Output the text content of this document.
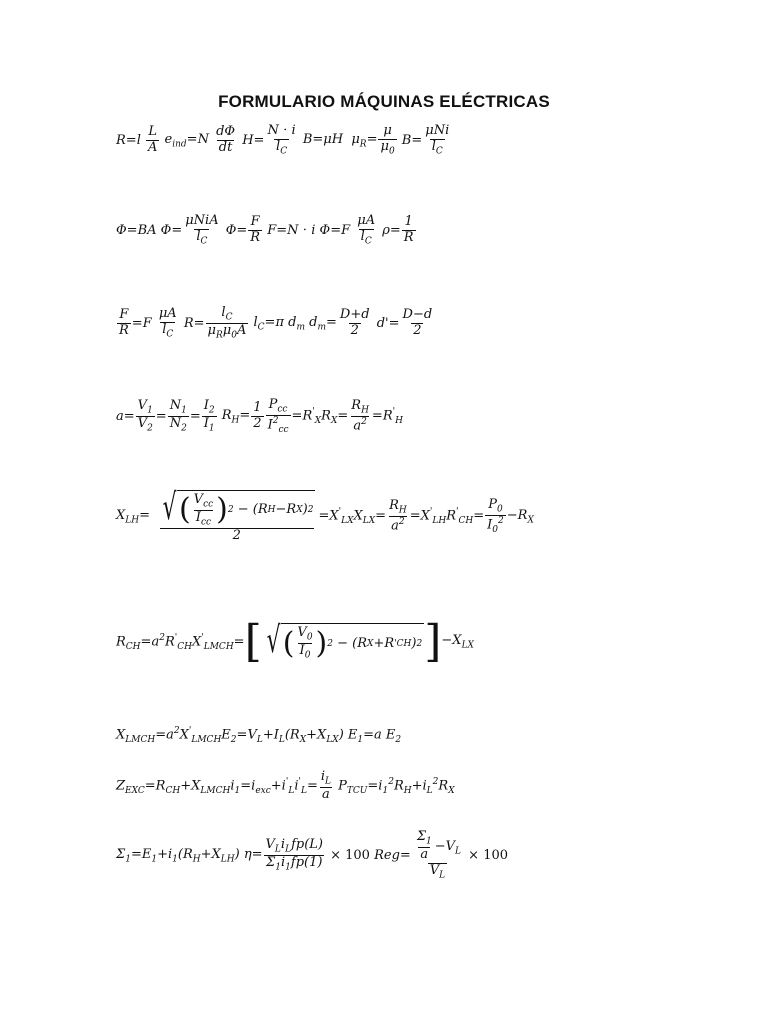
FORMULARIO MÁQUINAS ELÉCTRICAS
R=l
L
A
$e_{ind}=N$
dΦ
dt $H= \frac{N \cdot i}{l_C} B=\mu H$  $\mu_R= \frac{\mu}{\mu_0} B=$
μNi
$l_C$
Φ=BA Φ=
μNiA
$l_C$
$\Phi= \frac{F}{R} F=N \cdot i$ Φ=F
μA
$l_C$
$\rho= \frac{1}{R}$
$\frac{F}{R} =F$
μA
$l_C$
R=
$l_C$
$\mu_R\mu_0A$
$l_C=\pi$ $d_m$ $d_m= \frac{D+d}{2} d'= \frac{D-d}{2}$
$a= \frac{V_1}{V_2} = \frac{N_1}{N_2} = \frac{I_2}{I_1} R_H= \frac{1}{2} P_{cc}$
$I^2_{cc}$
$=R'_XR_X= \frac{R_H}{a^2} =R'_H$
$X_{LH}=$ √ ( $V_{cc}$
$I_{cc}$ ) 2 − (R H − R X ) 2
2
$=X'_{LX}X_{LX}= \frac{R_H}{a^2} =X'_{LH}R'_{CH}= \frac{P_0}{I_0^2} -R_X$
$R_{CH}=a^2R'_{CH}X'_{LMCH}=$ [ √ ( $V_0$
$I_0$ ) 2 − (R X + R ' CH ) 2 ] $-X_{LX}$
$X_{LMCH}=a^2X'_{LMCH}E_2=V_L+I_L(R_X+X_{LX})$ $E_1=a$ $E_2$
$Z_{EXC}=R_{CH}+X_{LMCH}i_1=i_{exc}+i'_Li'_L= \frac{i_L}{a} P_{TCU}=i_1^2R_H+i_L^2R_X$
$\Sigma_1=E_1+i_1(R_H+X_{LH})$ η=
$V_Li_Lfp(L)$
$\Sigma_1i_1fp(1) \times 100$ $Reg= \frac{\frac{\Sigma_1}{a} -V_L}{V_L} \times 100$
